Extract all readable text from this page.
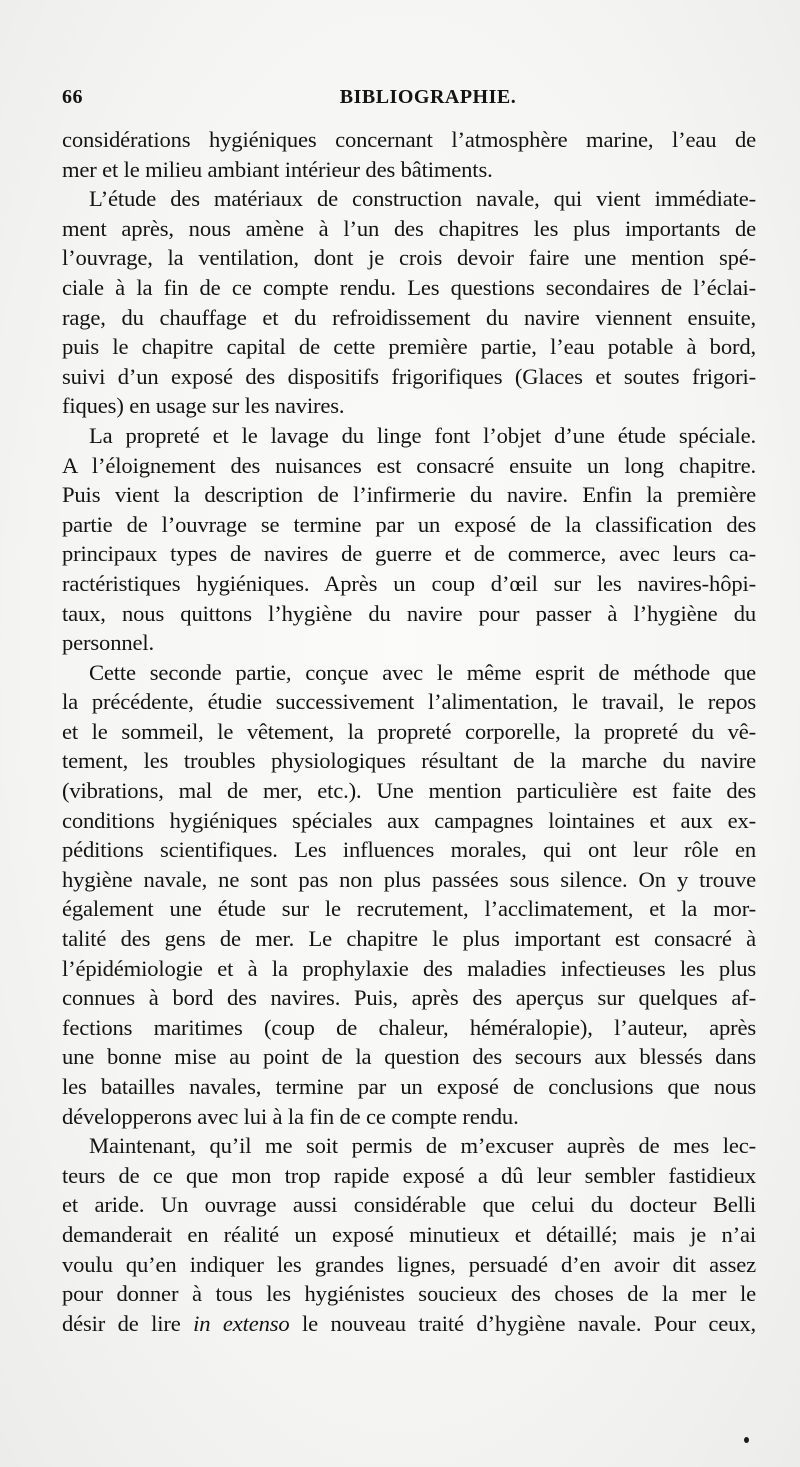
66	BIBLIOGRAPHIE.
considérations hygiéniques concernant l’atmosphère marine, l’eau de
mer et le milieu ambiant intérieur des bâtiments.
L’étude des matériaux de construction navale, qui vient immédiate-
ment après, nous amène à l’un des chapitres les plus importants de
l’ouvrage, la ventilation, dont je crois devoir faire une mention spé-
ciale à la fin de ce compte rendu. Les questions secondaires de l’éclai-
rage, du chauffage et du refroidissement du navire viennent ensuite,
puis le chapitre capital de cette première partie, l’eau potable à bord,
suivi d’un exposé des dispositifs frigorifiques (Glaces et soutes frigori-
fiques) en usage sur les navires.
La propreté et le lavage du linge font l’objet d’une étude spéciale.
A l’éloignement des nuisances est consacré ensuite un long chapitre.
Puis vient la description de l’infirmerie du navire. Enfin la première
partie de l’ouvrage se termine par un exposé de la classification des
principaux types de navires de guerre et de commerce, avec leurs ca-
ractéristiques hygiéniques. Après un coup d’œil sur les navires-hôpi-
taux, nous quittons l’hygiène du navire pour passer à l’hygiène du
personnel.
Cette seconde partie, conçue avec le même esprit de méthode que
la précédente, étudie successivement l’alimentation, le travail, le repos
et le sommeil, le vêtement, la propreté corporelle, la propreté du vê-
tement, les troubles physiologiques résultant de la marche du navire
(vibrations, mal de mer, etc.). Une mention particulière est faite des
conditions hygiéniques spéciales aux campagnes lointaines et aux ex-
péditions scientifiques. Les influences morales, qui ont leur rôle en
hygiène navale, ne sont pas non plus passées sous silence. On y trouve
également une étude sur le recrutement, l’acclimatement, et la mor-
talité des gens de mer. Le chapitre le plus important est consacré à
l’épidémiologie et à la prophylaxie des maladies infectieuses les plus
connues à bord des navires. Puis, après des aperçus sur quelques af-
fections maritimes (coup de chaleur, héméralopie), l’auteur, après
une bonne mise au point de la question des secours aux blessés dans
les batailles navales, termine par un exposé de conclusions que nous
développerons avec lui à la fin de ce compte rendu.
Maintenant, qu’il me soit permis de m’excuser auprès de mes lec-
teurs de ce que mon trop rapide exposé a dû leur sembler fastidieux
et aride. Un ouvrage aussi considérable que celui du docteur Belli
demanderait en réalité un exposé minutieux et détaillé; mais je n’ai
voulu qu’en indiquer les grandes lignes, persuadé d’en avoir dit assez
pour donner à tous les hygiénistes soucieux des choses de la mer le
désir de lire in extenso le nouveau traité d’hygiène navale. Pour ceux,
